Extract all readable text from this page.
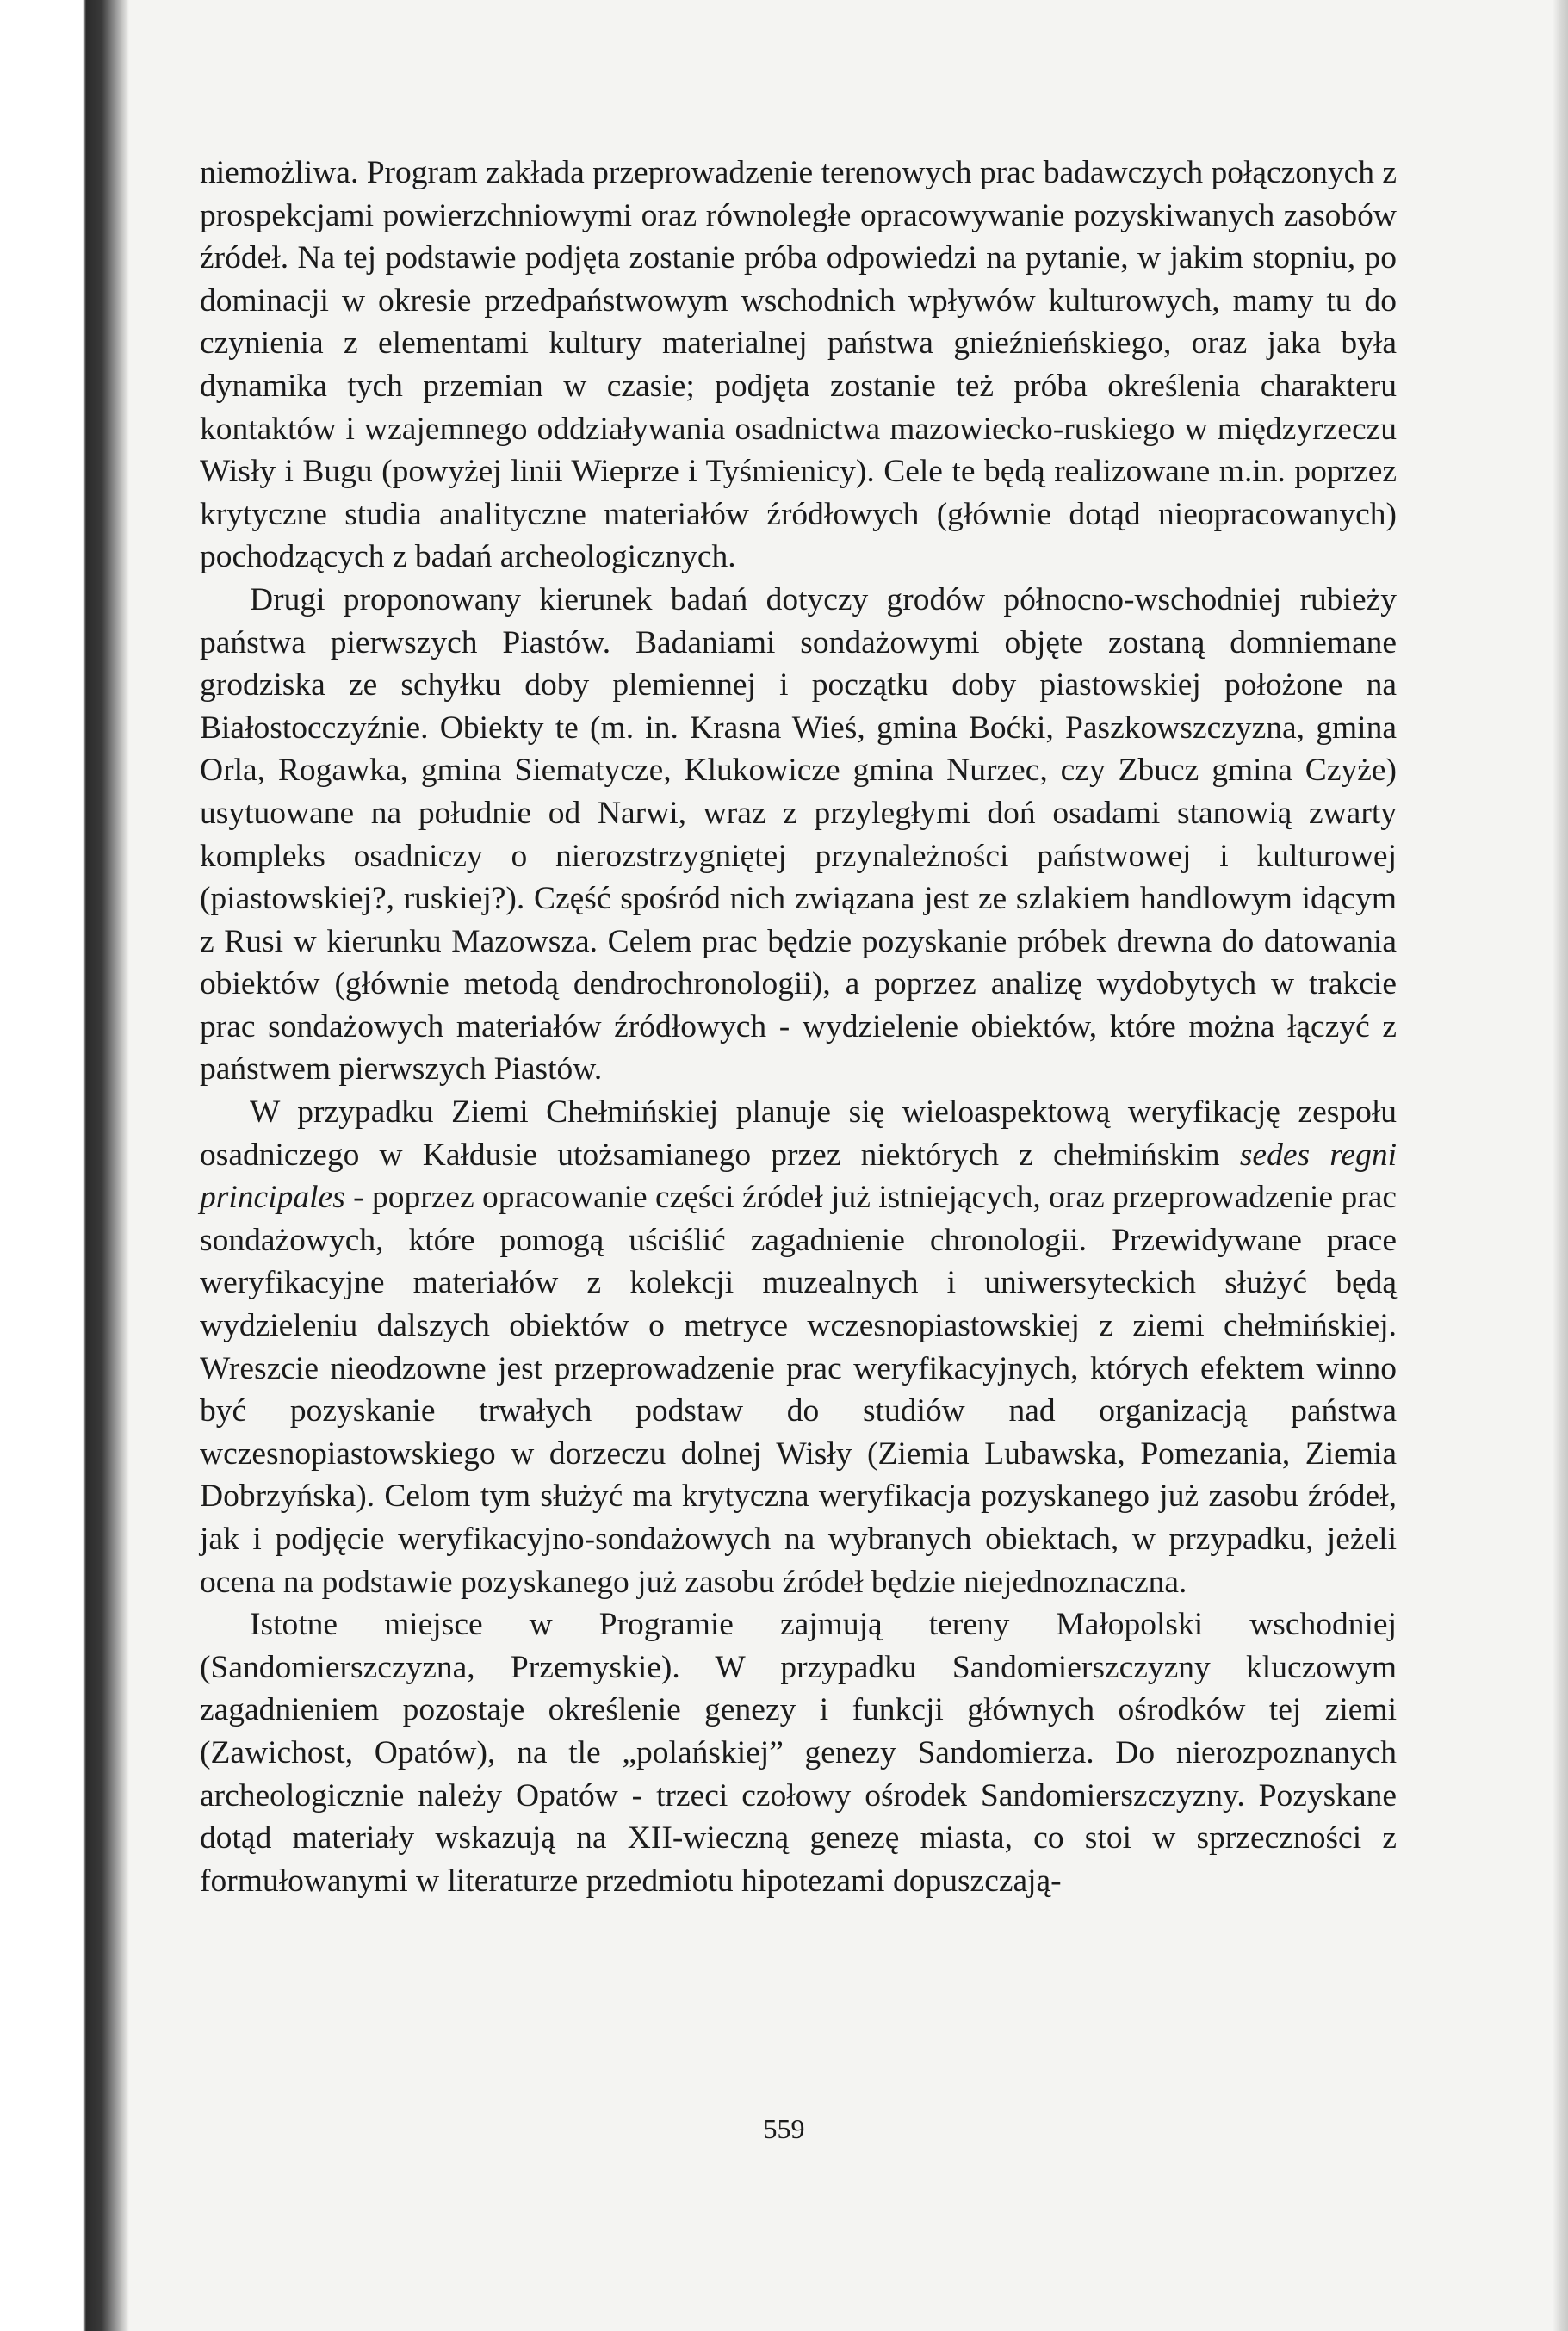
niemożliwa. Program zakłada przeprowadzenie terenowych prac badawczych połączonych z prospekcjami powierzchniowymi oraz równoległe opracowywanie pozyskiwanych zasobów źródeł. Na tej podstawie podjęta zostanie próba odpowiedzi na pytanie, w jakim stopniu, po dominacji w okresie przedpaństwowym wschodnich wpływów kulturowych, mamy tu do czynienia z elementami kultury materialnej państwa gnieźnieńskiego, oraz jaka była dynamika tych przemian w czasie; podjęta zostanie też próba określenia charakteru kontaktów i wzajemnego oddziaływania osadnictwa mazowiecko-ruskiego w międzyrzeczu Wisły i Bugu (powyżej linii Wieprze i Tyśmienicy). Cele te będą realizowane m.in. poprzez krytyczne studia analityczne materiałów źródłowych (głównie dotąd nieopracowanych) pochodzących z badań archeologicznych.

Drugi proponowany kierunek badań dotyczy grodów północno-wschodniej rubieży państwa pierwszych Piastów. Badaniami sondażowymi objęte zostaną domniemane grodziska ze schyłku doby plemiennej i początku doby piastowskiej położone na Białostocczyźnie. Obiekty te (m. in. Krasna Wieś, gmina Boćki, Paszkowszczyzna, gmina Orla, Rogawka, gmina Siematycze, Klukowicze gmina Nurzec, czy Zbucz gmina Czyże) usytuowane na południe od Narwi, wraz z przyległymi doń osadami stanowią zwarty kompleks osadniczy o nierozstrzygniętej przynależności państwowej i kulturowej (piastowskiej?, ruskiej?). Część spośród nich związana jest ze szlakiem handlowym idącym z Rusi w kierunku Mazowsza. Celem prac będzie pozyskanie próbek drewna do datowania obiektów (głównie metodą dendrochronologii), a poprzez analizę wydobytych w trakcie prac sondażowych materiałów źródłowych - wydzielenie obiektów, które można łączyć z państwem pierwszych Piastów.

W przypadku Ziemi Chełmińskiej planuje się wieloaspektową weryfikację zespołu osadniczego w Kałdusie utożsamianego przez niektórych z chełmińskim sedes regni principales - poprzez opracowanie części źródeł już istniejących, oraz przeprowadzenie prac sondażowych, które pomogą uściślić zagadnienie chronologii. Przewidywane prace weryfikacyjne materiałów z kolekcji muzealnych i uniwersyteckich służyć będą wydzieleniu dalszych obiektów o metryce wczesnopiastowskiej z ziemi chełmińskiej. Wreszcie nieodzowne jest przeprowadzenie prac weryfikacyjnych, których efektem winno być pozyskanie trwałych podstaw do studiów nad organizacją państwa wczesnopiastowskiego w dorzeczu dolnej Wisły (Ziemia Lubawska, Pomezania, Ziemia Dobrzyńska). Celom tym służyć ma krytyczna weryfikacja pozyskanego już zasobu źródeł, jak i podjęcie weryfikacyjno-sondażowych na wybranych obiektach, w przypadku, jeżeli ocena na podstawie pozyskanego już zasobu źródeł będzie niejednoznaczna.

Istotne miejsce w Programie zajmują tereny Małopolski wschodniej (Sandomierszczyzna, Przemyskie). W przypadku Sandomierszczyzny kluczowym zagadnieniem pozostaje określenie genezy i funkcji głównych ośrodków tej ziemi (Zawichost, Opatów), na tle „polańskiej” genezy Sandomierza. Do nierozpoznanych archeologicznie należy Opatów - trzeci czołowy ośrodek Sandomierszczyzny. Pozyskane dotąd materiały wskazują na XII-wieczną genezę miasta, co stoi w sprzeczności z formułowanymi w literaturze przedmiotu hipotezami dopuszczają-

559
